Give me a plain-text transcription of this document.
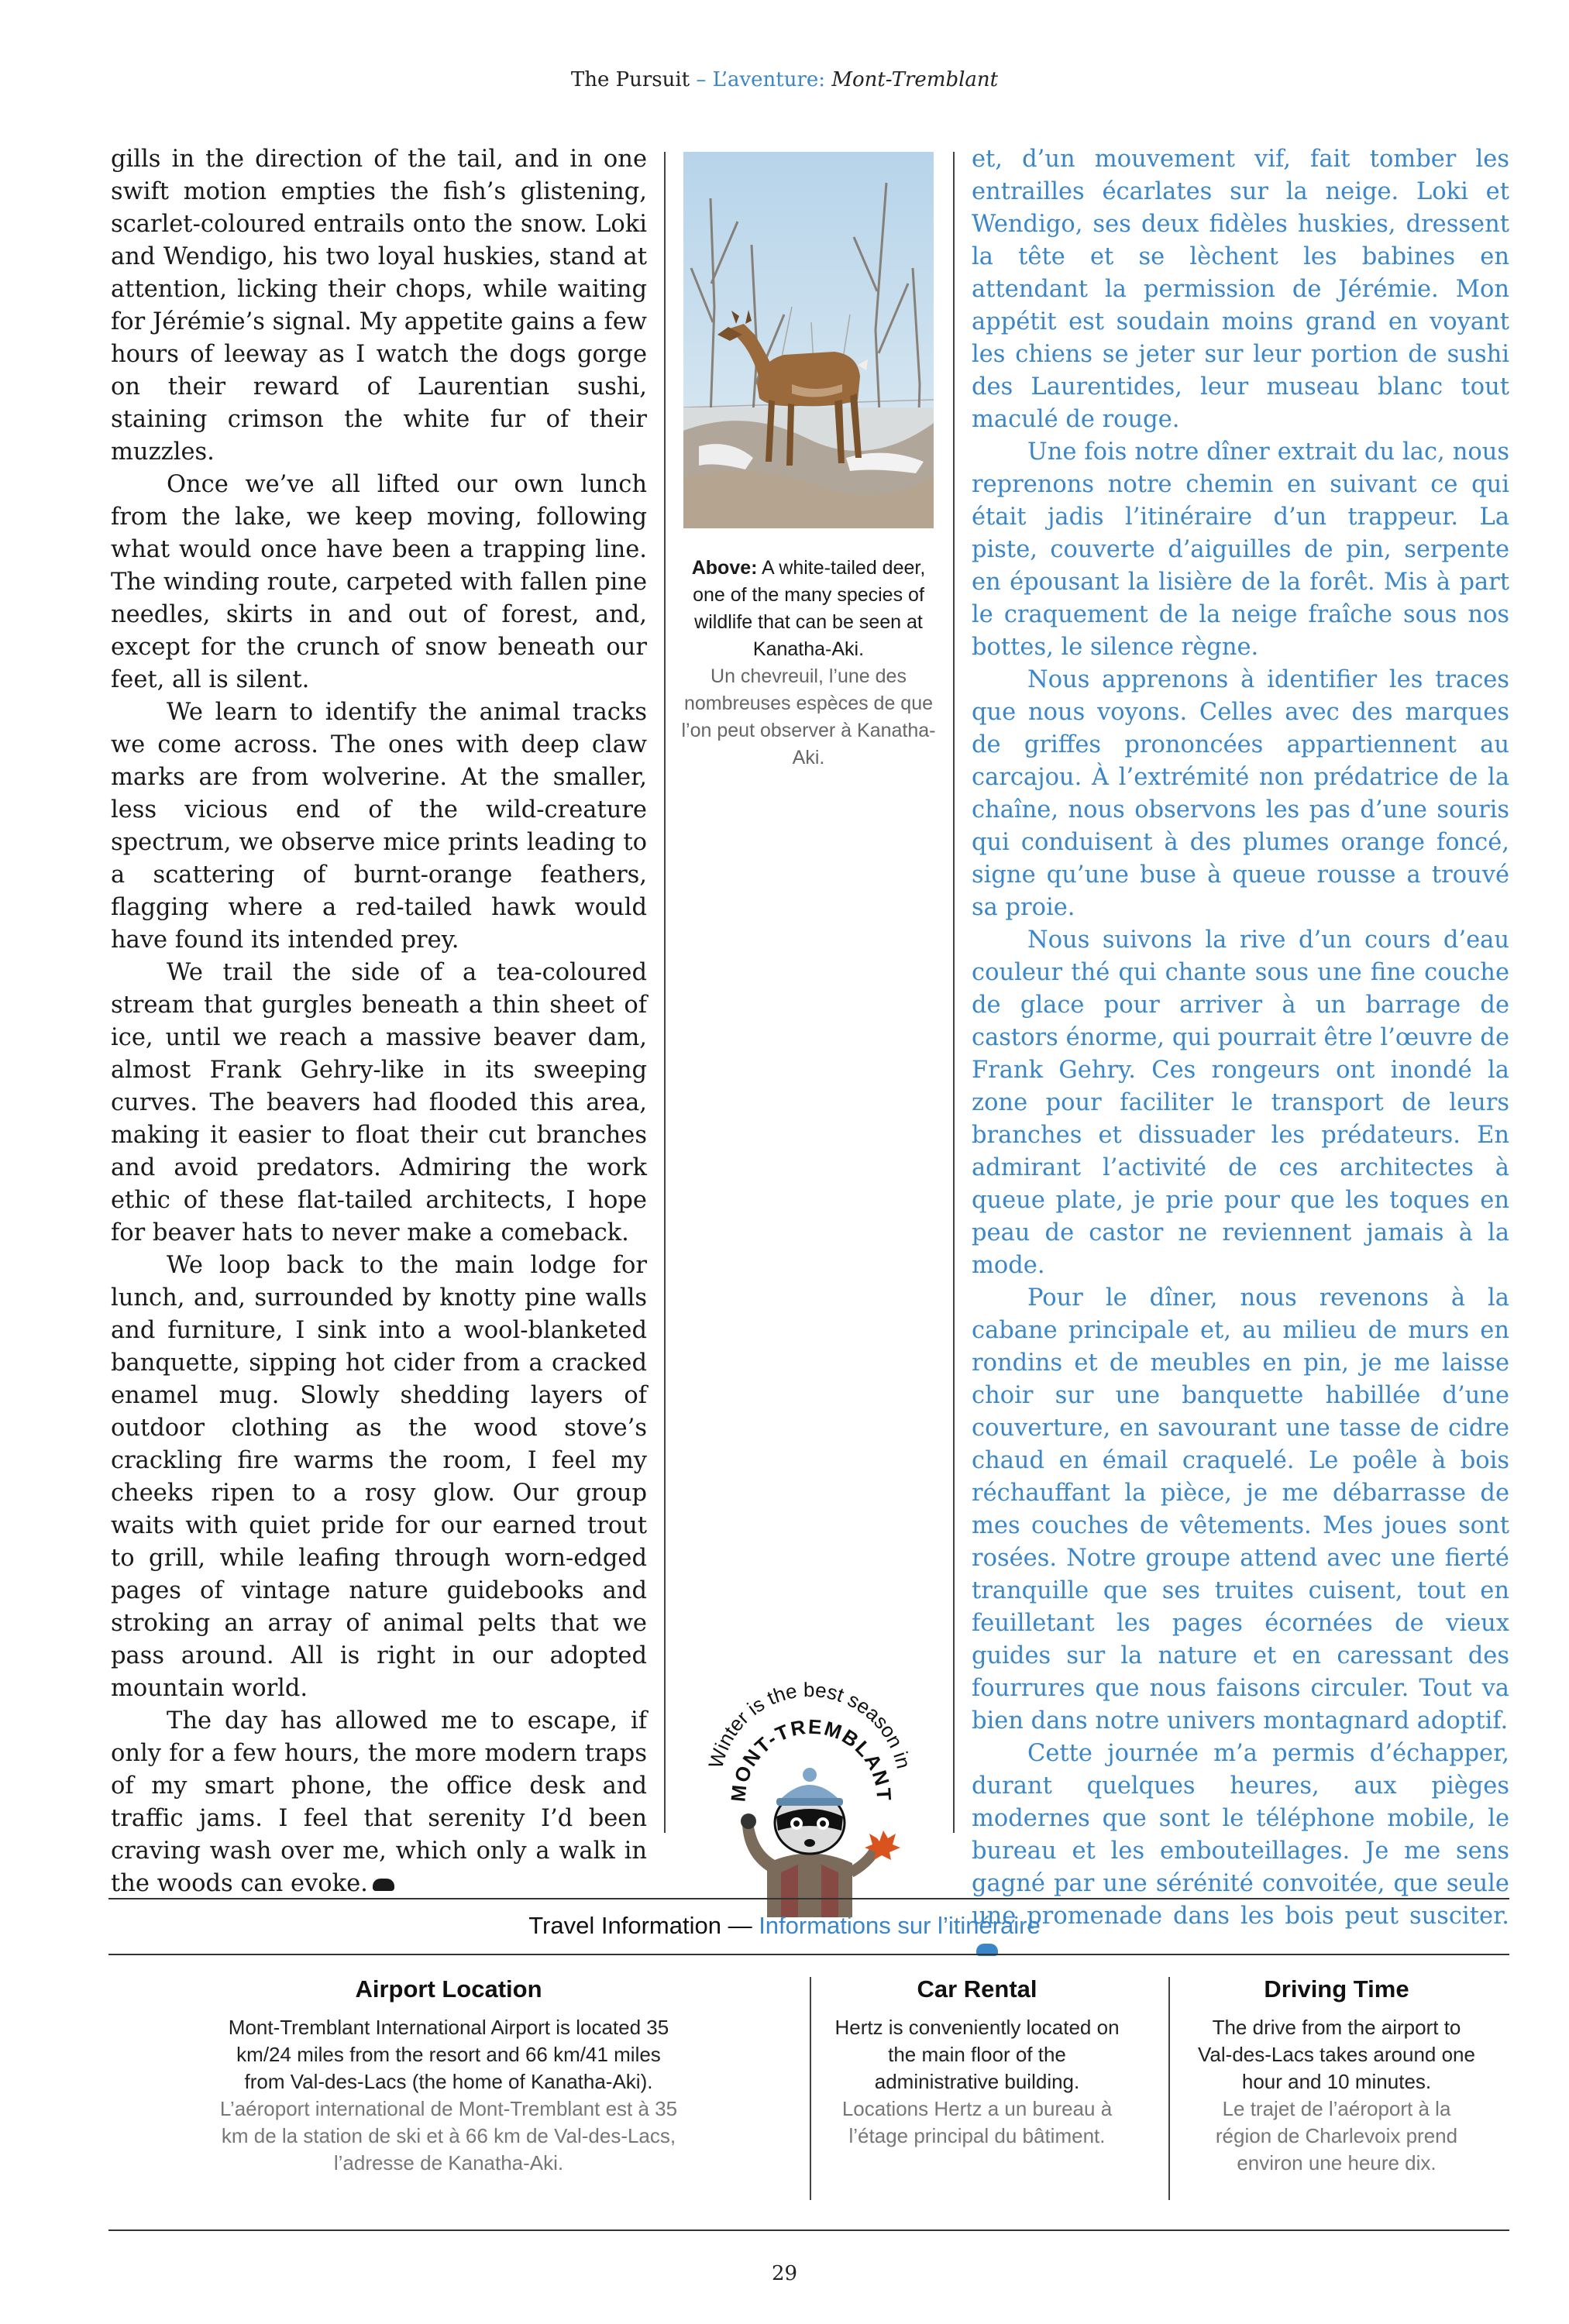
The Pursuit – L’aventure: Mont-Tremblant

gills in the direction of the tail, and in one swift motion empties the fish’s glistening, scarlet-coloured entrails onto the snow. Loki and Wendigo, his two loyal huskies, stand at attention, licking their chops, while waiting for Jérémie’s signal. My appetite gains a few hours of leeway as I watch the dogs gorge on their reward of Laurentian sushi, staining crimson the white fur of their muzzles.

Once we’ve all lifted our own lunch from the lake, we keep moving, following what would once have been a trapping line. The winding route, carpeted with fallen pine needles, skirts in and out of forest, and, except for the crunch of snow beneath our feet, all is silent.

We learn to identify the animal tracks we come across. The ones with deep claw marks are from wolverine. At the smaller, less vicious end of the wild-creature spectrum, we observe mice prints leading to a scattering of burnt-orange feathers, flagging where a red-tailed hawk would have found its intended prey.

We trail the side of a tea-coloured stream that gurgles beneath a thin sheet of ice, until we reach a massive beaver dam, almost Frank Gehry-like in its sweeping curves. The beavers had flooded this area, making it easier to float their cut branches and avoid predators. Admiring the work ethic of these flat-tailed architects, I hope for beaver hats to never make a comeback.

We loop back to the main lodge for lunch, and, surrounded by knotty pine walls and furniture, I sink into a wool-blanketed banquette, sipping hot cider from a cracked enamel mug. Slowly shedding layers of outdoor clothing as the wood stove’s crackling fire warms the room, I feel my cheeks ripen to a rosy glow. Our group waits with quiet pride for our earned trout to grill, while leafing through worn-edged pages of vintage nature guidebooks and stroking an array of animal pelts that we pass around. All is right in our adopted mountain world.

The day has allowed me to escape, if only for a few hours, the more modern traps of my smart phone, the office desk and traffic jams. I feel that serenity I’d been craving wash over me, which only a walk in the woods can evoke.

Above: A white-tailed deer, one of the many species of wildlife that can be seen at Kanatha-Aki.
Un chevreuil, l’une des nombreuses espèces de que l’on peut observer à Kanatha-Aki.

et, d’un mouvement vif, fait tomber les entrailles écarlates sur la neige. Loki et Wendigo, ses deux fidèles huskies, dressent la tête et se lèchent les babines en attendant la permission de Jérémie. Mon appétit est soudain moins grand en voyant les chiens se jeter sur leur portion de sushi des Laurentides, leur museau blanc tout maculé de rouge.

Une fois notre dîner extrait du lac, nous reprenons notre chemin en suivant ce qui était jadis l’itinéraire d’un trappeur. La piste, couverte d’aiguilles de pin, serpente en épousant la lisière de la forêt. Mis à part le craquement de la neige fraîche sous nos bottes, le silence règne.

Nous apprenons à identifier les traces que nous voyons. Celles avec des marques de griffes prononcées appartiennent au carcajou. À l’extrémité non prédatrice de la chaîne, nous observons les pas d’une souris qui conduisent à des plumes orange foncé, signe qu’une buse à queue rousse a trouvé sa proie.

Nous suivons la rive d’un cours d’eau couleur thé qui chante sous une fine couche de glace pour arriver à un barrage de castors énorme, qui pourrait être l’œuvre de Frank Gehry. Ces rongeurs ont inondé la zone pour faciliter le transport de leurs branches et dissuader les prédateurs. En admirant l’activité de ces architectes à queue plate, je prie pour que les toques en peau de castor ne reviennent jamais à la mode.

Pour le dîner, nous revenons à la cabane principale et, au milieu de murs en rondins et de meubles en pin, je me laisse choir sur une banquette habillée d’une couverture, en savourant une tasse de cidre chaud en émail craquelé. Le poêle à bois réchauffant la pièce, je me débarrasse de mes couches de vêtements. Mes joues sont rosées. Notre groupe attend avec une fierté tranquille que ses truites cuisent, tout en feuilletant les pages écornées de vieux guides sur la nature et en caressant des fourrures que nous faisons circuler. Tout va bien dans notre univers montagnard adoptif.

Cette journée m’a permis d’échapper, durant quelques heures, aux pièges modernes que sont le téléphone mobile, le bureau et les embouteillages. Je me sens gagné par une sérénité convoitée, que seule une promenade dans les bois peut susciter.

Winter is the best season in
MONT-TREMBLANT
Travel Information — Informations sur l’itinéraire
Airport Location
Mont-Tremblant International Airport is located 35 km/24 miles from the resort and 66 km/41 miles from Val-des-Lacs (the home of Kanatha-Aki).
L’aéroport international de Mont-Tremblant est à 35 km de la station de ski et à 66 km de Val-des-Lacs, l’adresse de Kanatha-Aki.
Car Rental
Hertz is conveniently located on the main floor of the administrative building.
Locations Hertz a un bureau à l’étage principal du bâtiment.
Driving Time
The drive from the airport to Val-des-Lacs takes around one hour and 10 minutes.
Le trajet de l’aéroport à la région de Charlevoix prend environ une heure dix.
29
